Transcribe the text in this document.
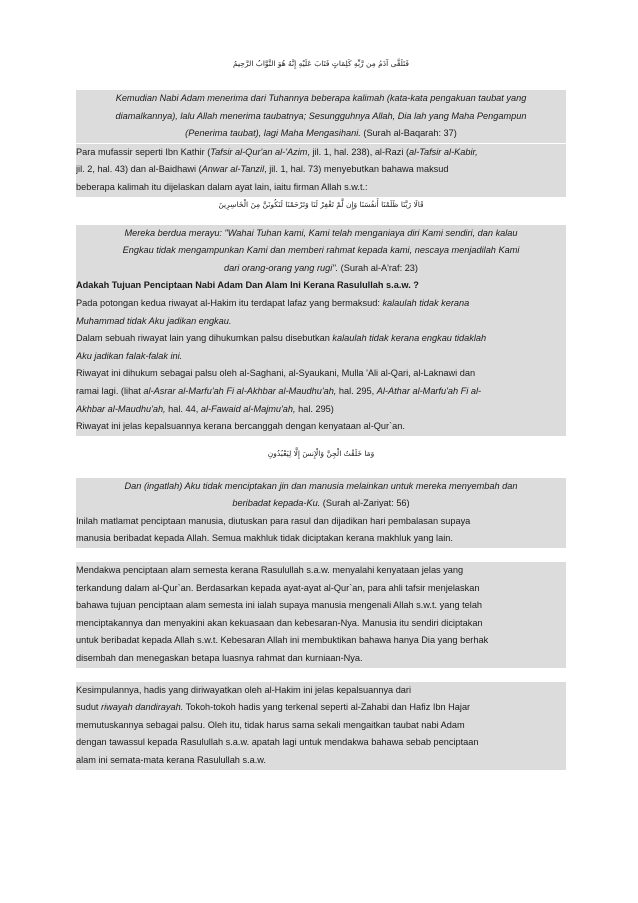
فَتَلَقَّى آدَمُ مِن رَّبِّهِ كَلِمَاتٍ فَتَابَ عَلَيْهِ إِنَّهُ هُوَ التَّوَّابُ الرَّحِيمُ
Kemudian Nabi Adam menerima dari Tuhannya beberapa kalimah (kata-kata pengakuan taubat yang
diamalkannya), lalu Allah menerima taubatnya; Sesungguhnya Allah, Dia lah yang Maha Pengampun
(Penerima taubat), lagi Maha Mengasihani. (Surah al-Baqarah: 37)
Para mufassir seperti Ibn Kathir (Tafsir al-Qur'an al-'Azim, jil. 1, hal. 238), al-Razi (al-Tafsir al-Kabir,
jil. 2, hal. 43) dan al-Baidhawi (Anwar al-Tanzil, jil. 1, hal. 73) menyebutkan bahawa maksud
beberapa kalimah itu dijelaskan dalam ayat lain, iaitu firman Allah s.w.t.:
قَالَا رَبَّنَا ظَلَمْنَا أَنفُسَنَا وَإِن لَّمْ تَغْفِرْ لَنَا وَتَرْحَمْنَا لَنَكُونَنَّ مِنَ الْخَاسِرِينَ
Mereka berdua merayu: "Wahai Tuhan kami, Kami telah menganiaya diri Kami sendiri, dan kalau
Engkau tidak mengampunkan Kami dan memberi rahmat kepada kami, nescaya menjadilah Kami
dari orang-orang yang rugi". (Surah al-A'raf: 23)
Adakah Tujuan Penciptaan Nabi Adam Dan Alam Ini Kerana Rasulullah s.a.w. ?
Pada potongan kedua riwayat al-Hakim itu terdapat lafaz yang bermaksud: kalaulah tidak kerana
Muhammad tidak Aku jadikan engkau.
Dalam sebuah riwayat lain yang dihukumkan palsu disebutkan kalaulah tidak kerana engkau tidaklah
Aku jadikan falak-falak ini.
Riwayat ini dihukum sebagai palsu oleh al-Saghani, al-Syaukani, Mulla 'Ali al-Qari, al-Laknawi dan
ramai lagi. (lihat al-Asrar al-Marfu'ah Fi al-Akhbar al-Maudhu'ah, hal. 295, Al-Athar al-Marfu'ah Fi al-
Akhbar al-Maudhu'ah, hal. 44, al-Fawaid al-Majmu'ah, hal. 295)
Riwayat ini jelas kepalsuannya kerana bercanggah dengan kenyataan al-Qur`an.
وَمَا خَلَقْتُ الْجِنَّ وَالْإِنسَ إِلَّا لِيَعْبُدُونِ
Dan (ingatlah) Aku tidak menciptakan jin dan manusia melainkan untuk mereka menyembah dan
beribadat kepada-Ku. (Surah al-Zariyat: 56)
Inilah matlamat penciptaan manusia, diutuskan para rasul dan dijadikan hari pembalasan supaya
manusia beribadat kepada Allah. Semua makhluk tidak diciptakan kerana makhluk yang lain.
Mendakwa penciptaan alam semesta kerana Rasulullah s.a.w. menyalahi kenyataan jelas yang
terkandung dalam al-Qur`an. Berdasarkan kepada ayat-ayat al-Qur`an, para ahli tafsir menjelaskan
bahawa tujuan penciptaan alam semesta ini ialah supaya manusia mengenali Allah s.w.t. yang telah
menciptakannya dan menyakini akan kekuasaan dan kebesaran-Nya. Manusia itu sendiri diciptakan
untuk beribadat kepada Allah s.w.t. Kebesaran Allah ini membuktikan bahawa hanya Dia yang berhak
disembah dan menegaskan betapa luasnya rahmat dan kurniaan-Nya.
Kesimpulannya, hadis yang diriwayatkan oleh al-Hakim ini jelas kepalsuannya dari
sudut riwayah dandirayah. Tokoh-tokoh hadis yang terkenal seperti al-Zahabi dan Hafiz Ibn Hajar
memutuskannya sebagai palsu. Oleh itu, tidak harus sama sekali mengaitkan taubat nabi Adam
dengan tawassul kepada Rasulullah s.a.w. apatah lagi untuk mendakwa bahawa sebab penciptaan
alam ini semata-mata kerana Rasulullah s.a.w.
